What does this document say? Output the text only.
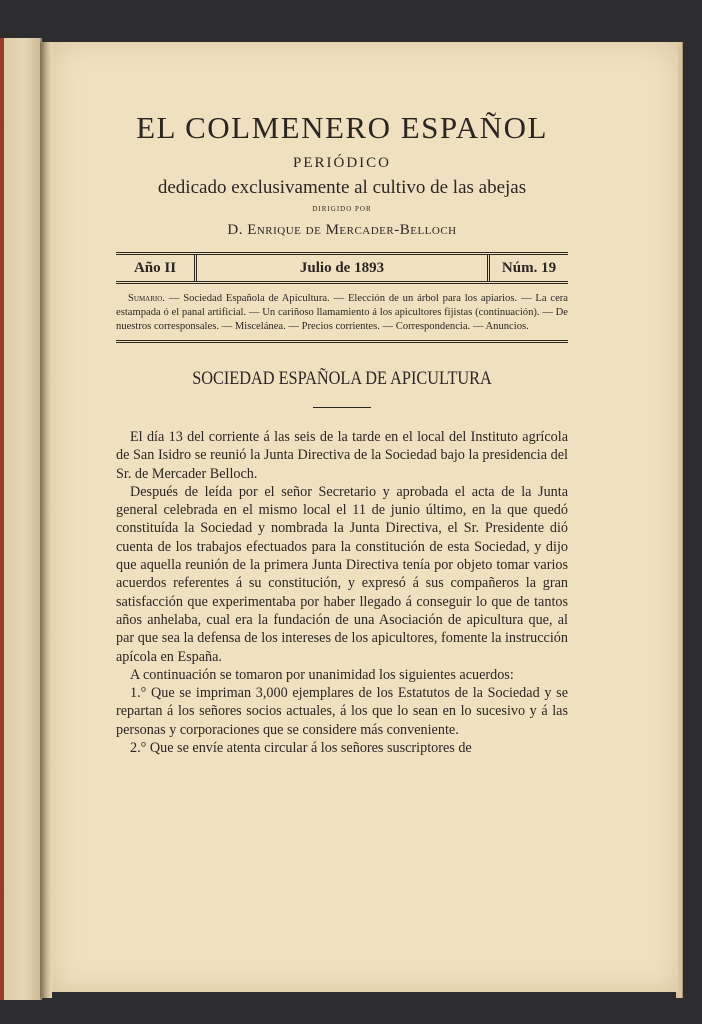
EL COLMENERO ESPAÑOL
PERIÓDICO
dedicado exclusivamente al cultivo de las abejas
DIRIGIDO POR
D. Enrique de Mercader-Belloch
Año II	Julio de 1893	Núm. 19
Sumario. — Sociedad Española de Apicultura. — Elección de un árbol para los apiarios. — La cera estampada ó el panal artificial. — Un cariñoso llamamiento á los apicultores fijistas (continuación). — De nuestros corresponsales. — Miscelánea. — Precios corrientes. — Correspondencia. — Anuncios.
SOCIEDAD ESPAÑOLA DE APICULTURA

El día 13 del corriente á las seis de la tarde en el local del Instituto agrícola de San Isidro se reunió la Junta Directiva de la Sociedad bajo la presidencia del Sr. de Mercader Belloch.

Después de leída por el señor Secretario y aprobada el acta de la Junta general celebrada en el mismo local el 11 de junio último, en la que quedó constituída la Sociedad y nombrada la Junta Directiva, el Sr. Presidente dió cuenta de los trabajos efectuados para la constitución de esta Sociedad, y dijo que aquella reunión de la primera Junta Directiva tenía por objeto tomar varios acuerdos referentes á su constitución, y expresó á sus compañeros la gran satisfacción que experimentaba por haber llegado á conseguir lo que de tantos años anhelaba, cual era la fundación de una Asociación de apicultura que, al par que sea la defensa de los intereses de los apicultores, fomente la instrucción apícola en España.

A continuación se tomaron por unanimidad los siguientes acuerdos:

1.° Que se impriman 3,000 ejemplares de los Estatutos de la Sociedad y se repartan á los señores socios actuales, á los que lo sean en lo sucesivo y á las personas y corporaciones que se considere más conveniente.

2.° Que se envíe atenta circular á los señores suscriptores de
